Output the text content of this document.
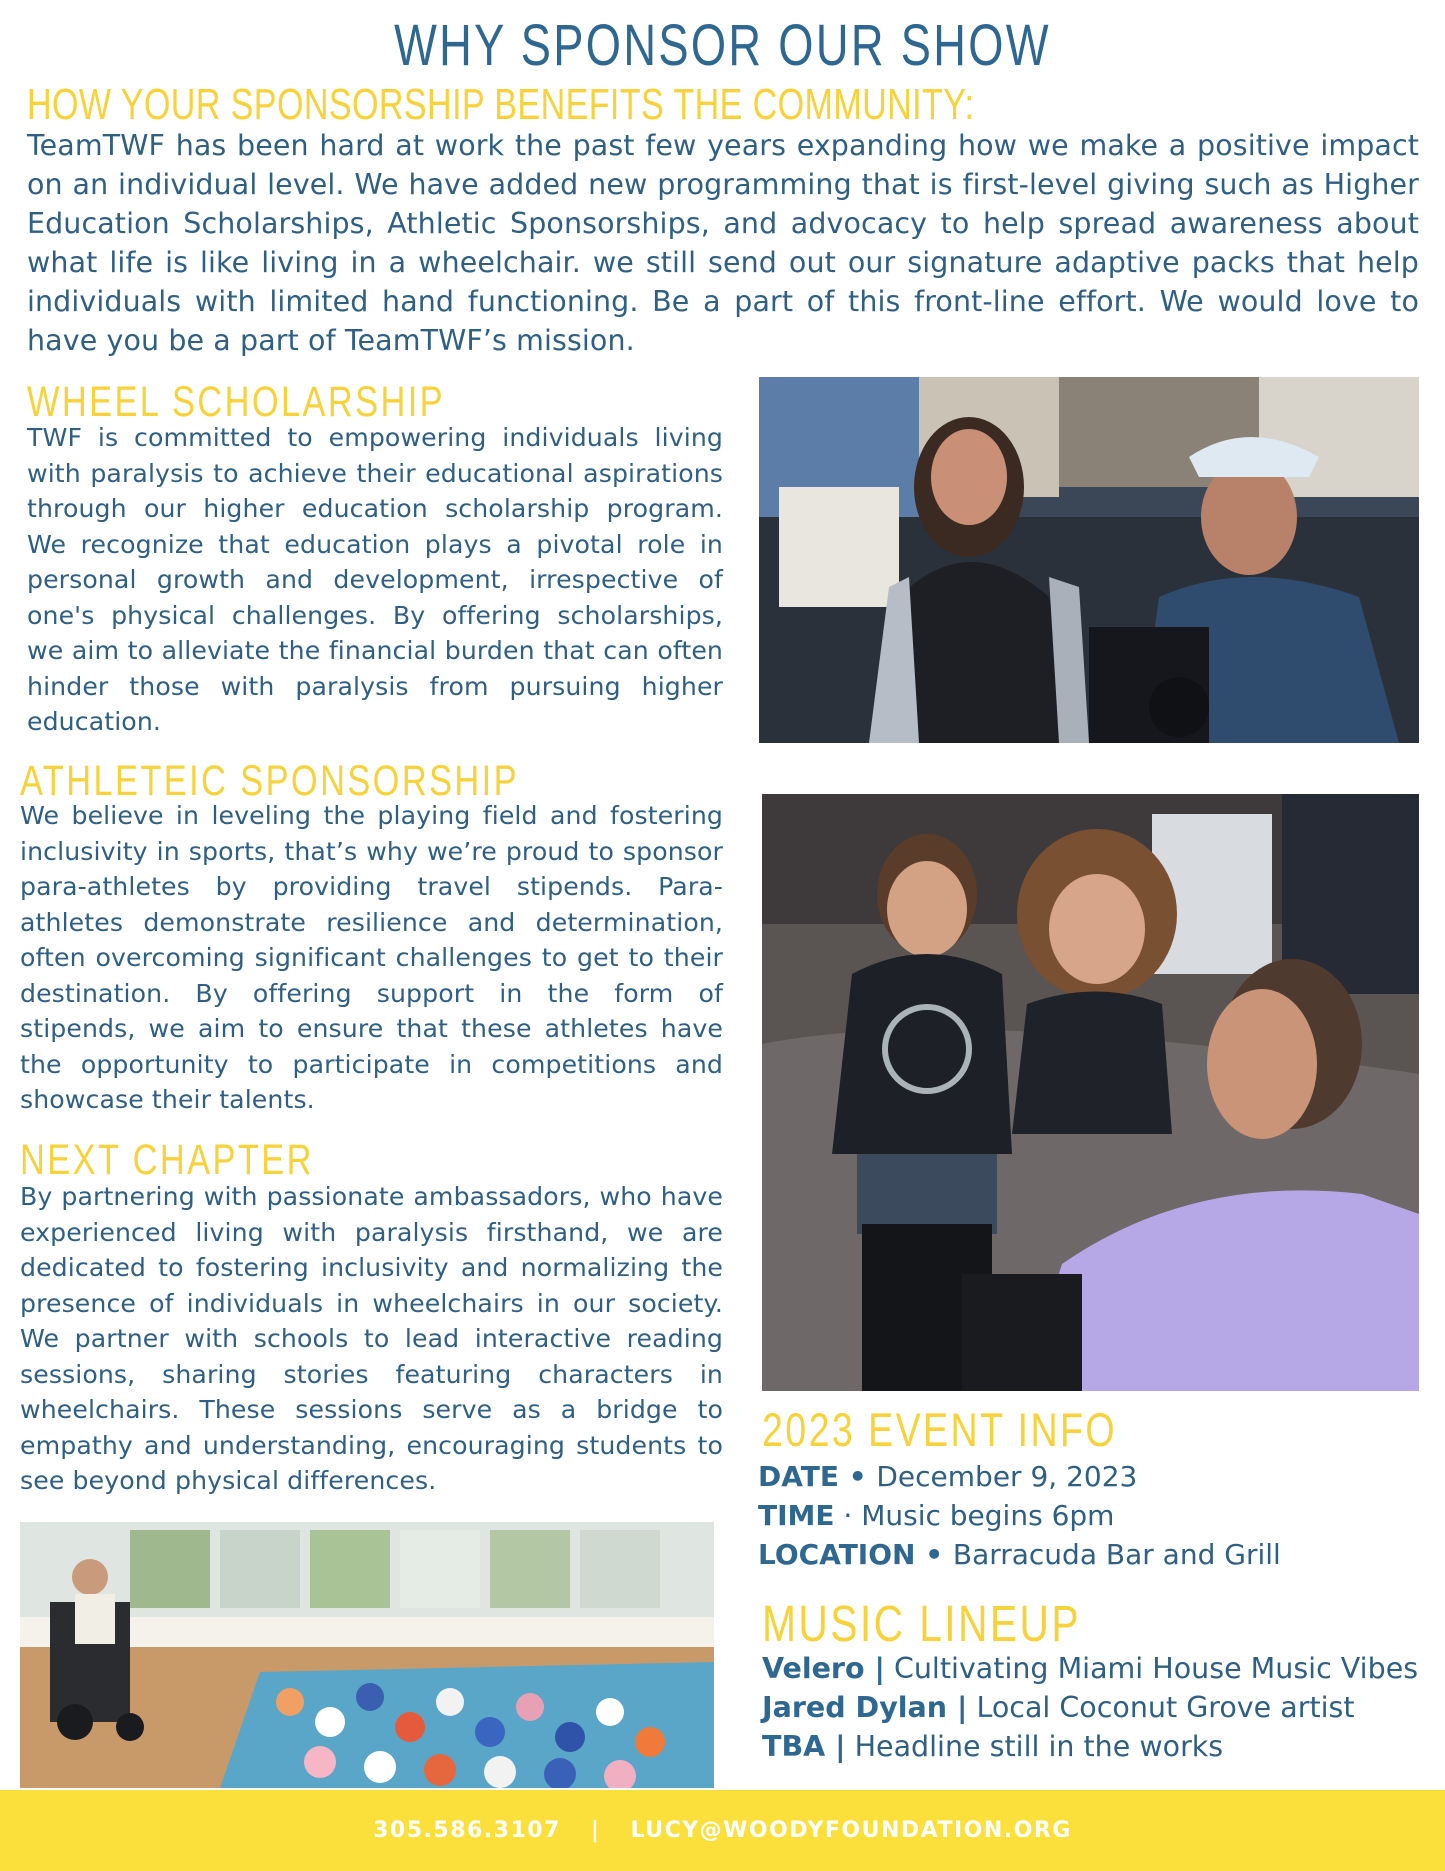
WHY SPONSOR OUR SHOW
HOW YOUR SPONSORSHIP BENEFITS THE COMMUNITY:
TeamTWF has been hard at work the past few years expanding how we make a positive impact on an individual level. We have added new programming that is first-level giving such as Higher Education Scholarships, Athletic Sponsorships, and advocacy to help spread awareness about what life is like living in a wheelchair. we still send out our signature adaptive packs that help individuals with limited hand functioning. Be a part of this front-line effort. We would love to have you be a part of TeamTWF’s mission.
WHEEL SCHOLARSHIP
TWF is committed to empowering individuals living with paralysis to achieve their educational aspirations through our higher education scholarship program. We recognize that education plays a pivotal role in personal growth and development, irrespective of one's physical challenges. By offering scholarships, we aim to alleviate the financial burden that can often hinder those with paralysis from pursuing higher education.
ATHLETEIC SPONSORSHIP
We believe in leveling the playing field and fostering inclusivity in sports, that’s why we’re proud to sponsor para-athletes by providing travel stipends. Para-athletes demonstrate resilience and determination, often overcoming significant challenges to get to their destination. By offering support in the form of stipends, we aim to ensure that these athletes have the opportunity to participate in competitions and showcase their talents.
NEXT CHAPTER
By partnering with passionate ambassadors, who have experienced living with paralysis firsthand, we are dedicated to fostering inclusivity and normalizing the presence of individuals in wheelchairs in our society. We partner with schools to lead interactive reading sessions, sharing stories featuring characters in wheelchairs. These sessions serve as a bridge to empathy and understanding, encouraging students to see beyond physical differences.
2023 EVENT INFO
DATE • December 9, 2023
TIME · Music begins 6pm
LOCATION • Barracuda Bar and Grill
MUSIC LINEUP
Velero | Cultivating Miami House Music Vibes
Jared Dylan | Local Coconut Grove artist
TBA | Headline still in the works
305.586.3107 | LUCY@WOODYFOUNDATION.ORG
